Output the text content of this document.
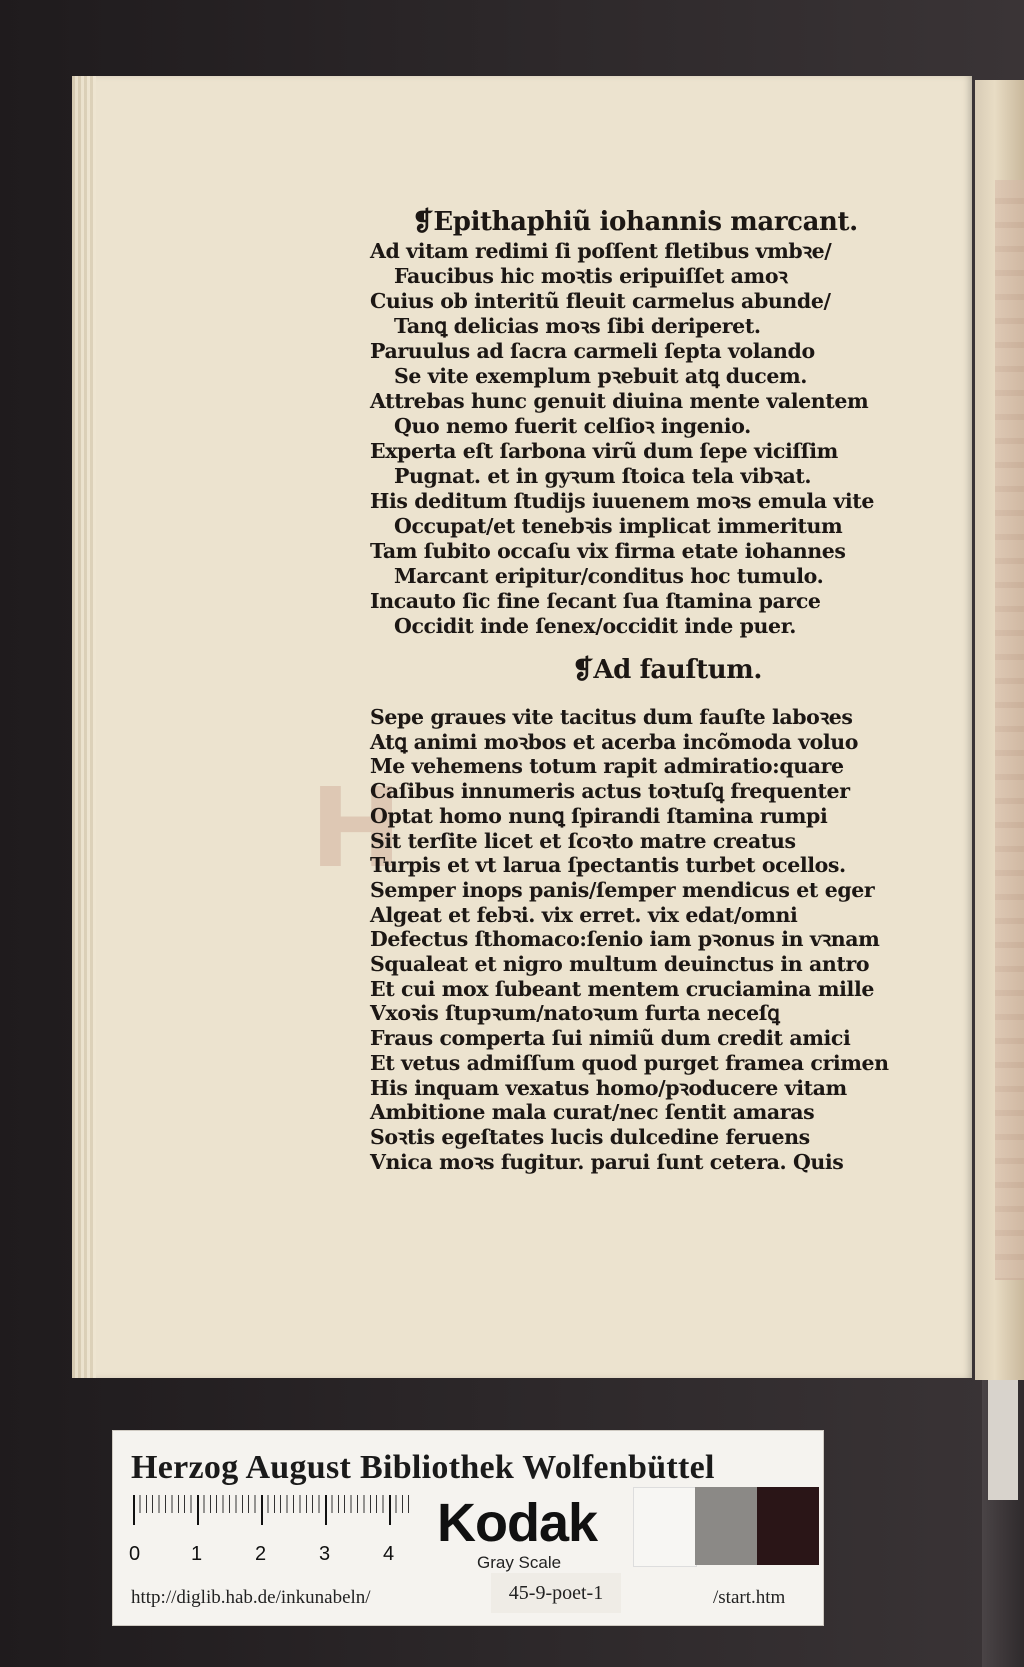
H
❡Epithaphiũ iohannis marcant.

Ad vitam redimi ſi poſſent fletibus vmbꝛe/

Faucibus hic moꝛtis eripuiſſet amoꝛ

Cuius ob interitũ fleuit carmelus abunde/

Tanꝗ delicias moꝛs ſibi deriperet.

Paruulus ad ſacra carmeli ſepta volando

Se vite exemplum pꝛebuit atꝗ ducem.

Attrebas hunc genuit diuina mente valentem

Quo nemo fuerit celſioꝛ ingenio.

Experta eſt ſarbona virũ dum ſepe viciſſim

Pugnat. et in gyꝛum ſtoica tela vibꝛat.

His deditum ſtudijs iuuenem moꝛs emula vite

Occupat/et tenebꝛis implicat immeritum

Tam ſubito occaſu vix firma etate iohannes

Marcant eripitur/conditus hoc tumulo.

Incauto ſic fine ſecant ſua ſtamina parce

Occidit inde ſenex/occidit inde puer.

❡Ad fauſtum.

Sepe graues vite tacitus dum fauſte laboꝛes

Atꝗ animi moꝛbos et acerba incõmoda voluo

Me vehemens totum rapit admiratio:quare

Caſibus innumeris actus toꝛtuſꝗ frequenter

Optat homo nunꝗ ſpirandi ſtamina rumpi

Sit terſite licet et ſcoꝛto matre creatus

Turpis et vt larua ſpectantis turbet ocellos.

Semper inops panis/ſemper mendicus et eger

Algeat et febꝛi. vix erret. vix edat/omni

Defectus ſthomaco:ſenio iam pꝛonus in vꝛnam

Squaleat et nigro multum deuinctus in antro

Et cui mox ſubeant mentem cruciamina mille

Vxoꝛis ſtupꝛum/natoꝛum furta neceſꝗ

Fraus comperta ſui nimiũ dum credit amici

Et vetus admiſſum quod purget framea crimen

His inquam vexatus homo/pꝛoducere vitam

Ambitione mala curat/nec ſentit amaras

Soꝛtis egeſtates lucis dulcedine feruens

Vnica moꝛs fugitur. parui ſunt cetera. Quis

Herzog August Bibliothek Wolfenbüttel
0	1	2	3	4
Kodak
Gray Scale
http://diglib.hab.de/inkunabeln/	45-9-poet-1	/start.htm
